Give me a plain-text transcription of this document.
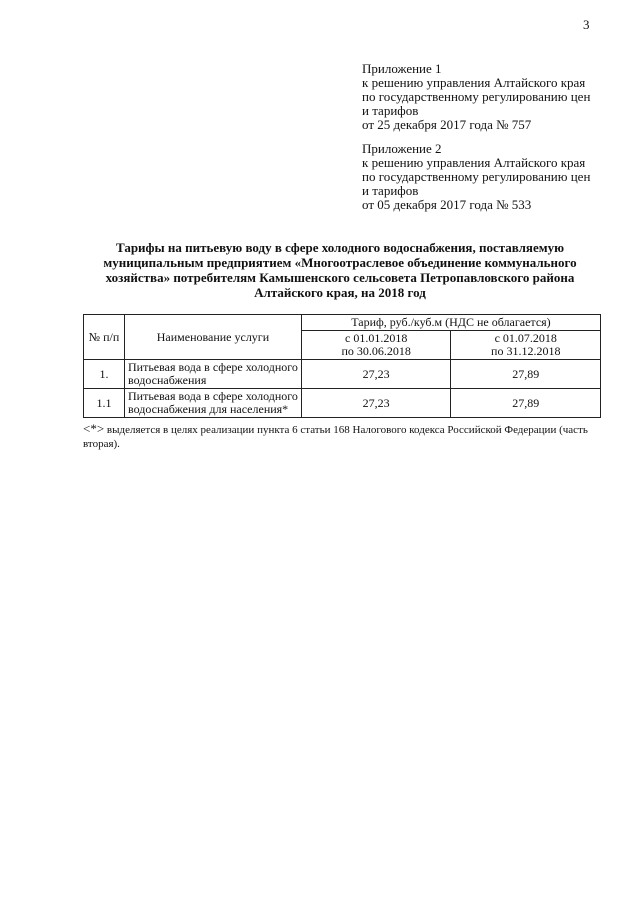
3
Приложение 1
к решению управления Алтайского края
по государственному регулированию цен
и тарифов
от 25 декабря 2017 года № 757
Приложение 2
к решению управления Алтайского края
по государственному регулированию цен
и тарифов
от 05 декабря 2017 года № 533
Тарифы на питьевую воду в сфере холодного водоснабжения, поставляемую
муниципальным предприятием «Многоотраслевое объединение коммунального
хозяйства» потребителям Камышенского сельсовета Петропавловского района
Алтайского края, на 2018 год
№ п/п	Наименование услуги	Тариф, руб./куб.м (НДС не облагается)	

		с 01.01.2018
по 30.06.2018	с 01.07.2018
по 31.12.2018

1.	Питьевая вода в сфере холодного
водоснабжения	27,23	27,89
1.1	Питьевая вода в сфере холодного
водоснабжения для населения*	27,23	27,89
<*> выделяется в целях реализации пункта 6 статьи 168 Налогового кодекса Российской Федерации (часть вторая).
